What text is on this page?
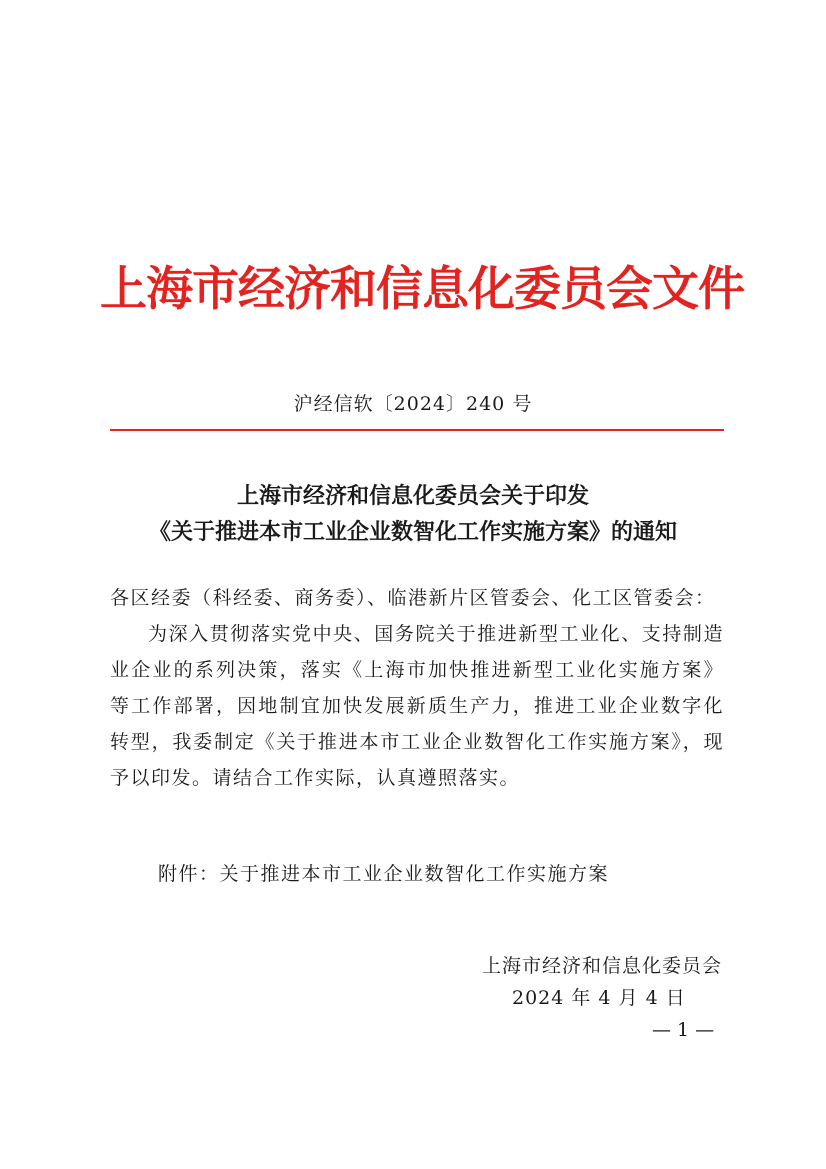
上海市经济和信息化委员会文件
沪经信软〔2024〕240 号
上海市经济和信息化委员会关于印发
《关于推进本市工业企业数智化工作实施方案》的通知
各区经委（科经委、商务委）、临港新片区管委会、化工区管委会：
为深入贯彻落实党中央、国务院关于推进新型工业化、支持制造业企业的系列决策，落实《上海市加快推进新型工业化实施方案》等工作部署，因地制宜加快发展新质生产力，推进工业企业数字化转型，我委制定《关于推进本市工业企业数智化工作实施方案》，现予以印发。请结合工作实际，认真遵照落实。
附件：关于推进本市工业企业数智化工作实施方案
上海市经济和信息化委员会
2024 年 4 月 4 日
— 1 —
